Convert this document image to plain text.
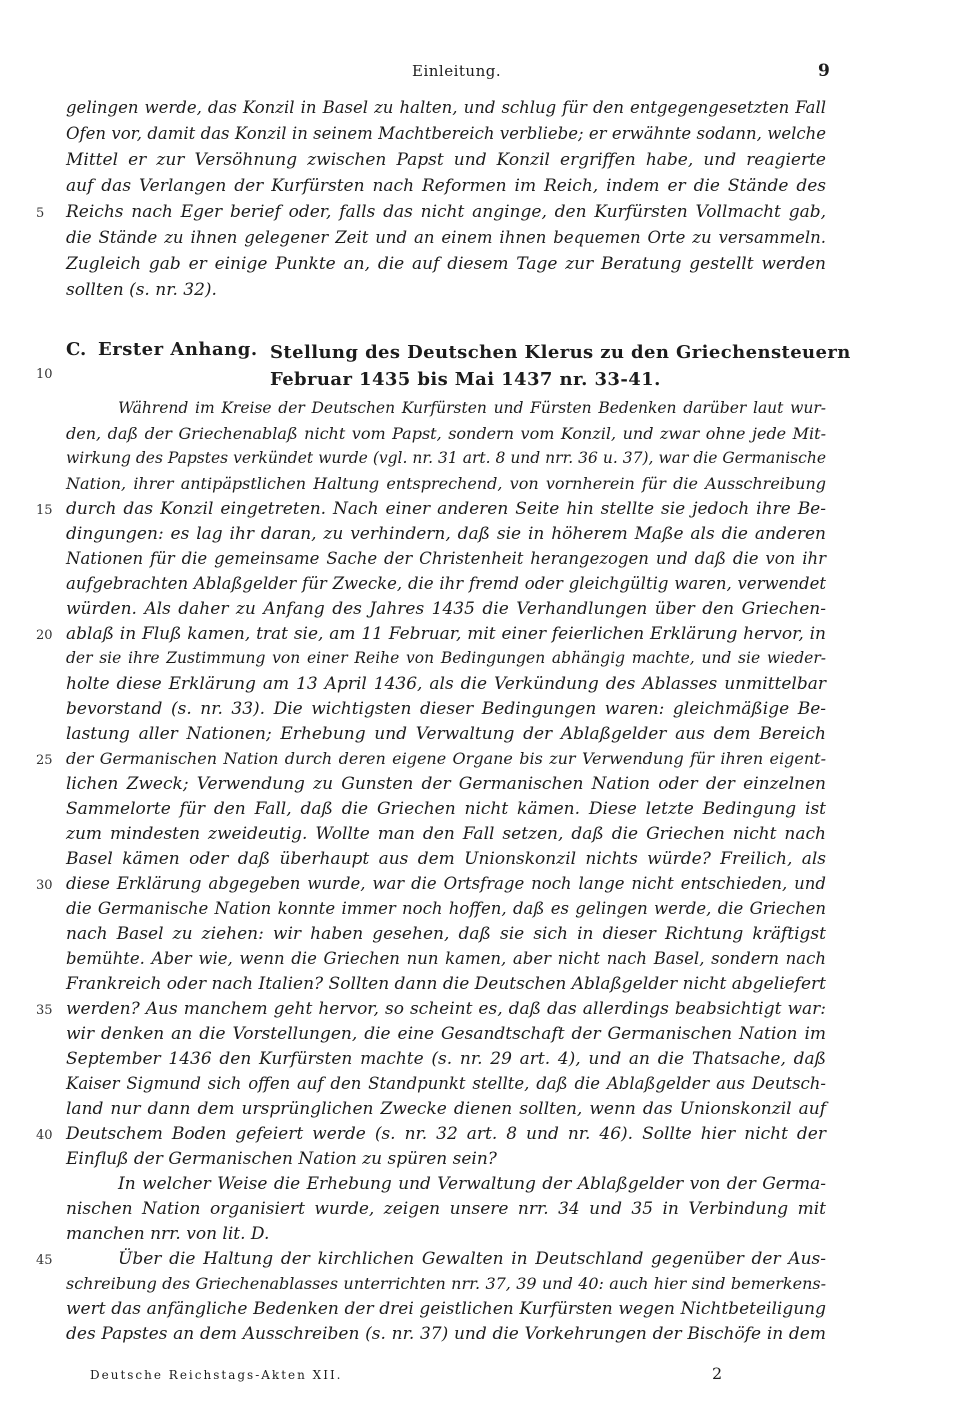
Einleitung.	9
gelingen werde, das Konzil in Basel zu halten, und schlug für den entgegengesetzten Fall
Ofen vor, damit das Konzil in seinem Machtbereich verbliebe; er erwähnte sodann, welche
Mittel er zur Versöhnung zwischen Papst und Konzil ergriffen habe, und reagierte
auf das Verlangen der Kurfürsten nach Reformen im Reich, indem er die Stände des
Reichs nach Eger berief oder, falls das nicht anginge, den Kurfürsten Vollmacht gab,
die Stände zu ihnen gelegener Zeit und an einem ihnen bequemen Orte zu versammeln.
Zugleich gab er einige Punkte an, die auf diesem Tage zur Beratung gestellt werden
sollten (s. nr. 32).
C. Erster Anhang. Stellung des Deutschen Klerus zu den Griechensteuern
Februar 1435 bis Mai 1437 nr. 33-41.
Während im Kreise der Deutschen Kurfürsten und Fürsten Bedenken darüber laut wur-
den, daß der Griechenablaß nicht vom Papst, sondern vom Konzil, und zwar ohne jede Mit-
wirkung des Papstes verkündet wurde (vgl. nr. 31 art. 8 und nrr. 36 u. 37), war die Germanische
Nation, ihrer antipäpstlichen Haltung entsprechend, von vornherein für die Ausschreibung
durch das Konzil eingetreten. Nach einer anderen Seite hin stellte sie jedoch ihre Be-
dingungen: es lag ihr daran, zu verhindern, daß sie in höherem Maße als die anderen
Nationen für die gemeinsame Sache der Christenheit herangezogen und daß die von ihr
aufgebrachten Ablaßgelder für Zwecke, die ihr fremd oder gleichgültig waren, verwendet
würden. Als daher zu Anfang des Jahres 1435 die Verhandlungen über den Griechen-
ablaß in Fluß kamen, trat sie, am 11 Februar, mit einer feierlichen Erklärung hervor, in
der sie ihre Zustimmung von einer Reihe von Bedingungen abhängig machte, und sie wieder-
holte diese Erklärung am 13 April 1436, als die Verkündung des Ablasses unmittelbar
bevorstand (s. nr. 33). Die wichtigsten dieser Bedingungen waren: gleichmäßige Be-
lastung aller Nationen; Erhebung und Verwaltung der Ablaßgelder aus dem Bereich
der Germanischen Nation durch deren eigene Organe bis zur Verwendung für ihren eigent-
lichen Zweck; Verwendung zu Gunsten der Germanischen Nation oder der einzelnen
Sammelorte für den Fall, daß die Griechen nicht kämen. Diese letzte Bedingung ist
zum mindesten zweideutig. Wollte man den Fall setzen, daß die Griechen nicht nach
Basel kämen oder daß überhaupt aus dem Unionskonzil nichts würde? Freilich, als
diese Erklärung abgegeben wurde, war die Ortsfrage noch lange nicht entschieden, und
die Germanische Nation konnte immer noch hoffen, daß es gelingen werde, die Griechen
nach Basel zu ziehen: wir haben gesehen, daß sie sich in dieser Richtung kräftigst
bemühte. Aber wie, wenn die Griechen nun kamen, aber nicht nach Basel, sondern nach
Frankreich oder nach Italien? Sollten dann die Deutschen Ablaßgelder nicht abgeliefert
werden? Aus manchem geht hervor, so scheint es, daß das allerdings beabsichtigt war:
wir denken an die Vorstellungen, die eine Gesandtschaft der Germanischen Nation im
September 1436 den Kurfürsten machte (s. nr. 29 art. 4), und an die Thatsache, daß
Kaiser Sigmund sich offen auf den Standpunkt stellte, daß die Ablaßgelder aus Deutsch-
land nur dann dem ursprünglichen Zwecke dienen sollten, wenn das Unionskonzil auf
Deutschem Boden gefeiert werde (s. nr. 32 art. 8 und nr. 46). Sollte hier nicht der
Einfluß der Germanischen Nation zu spüren sein?
In welcher Weise die Erhebung und Verwaltung der Ablaßgelder von der Germa-
nischen Nation organisiert wurde, zeigen unsere nrr. 34 und 35 in Verbindung mit
manchen nrr. von lit. D.
Über die Haltung der kirchlichen Gewalten in Deutschland gegenüber der Aus-
schreibung des Griechenablasses unterrichten nrr. 37, 39 und 40: auch hier sind bemerkens-
wert das anfängliche Bedenken der drei geistlichen Kurfürsten wegen Nichtbeteiligung
des Papstes an dem Ausschreiben (s. nr. 37) und die Vorkehrungen der Bischöfe in dem
5
10
15
20
25
30
35
40
45
Deutsche Reichstags-Akten XII.	2
